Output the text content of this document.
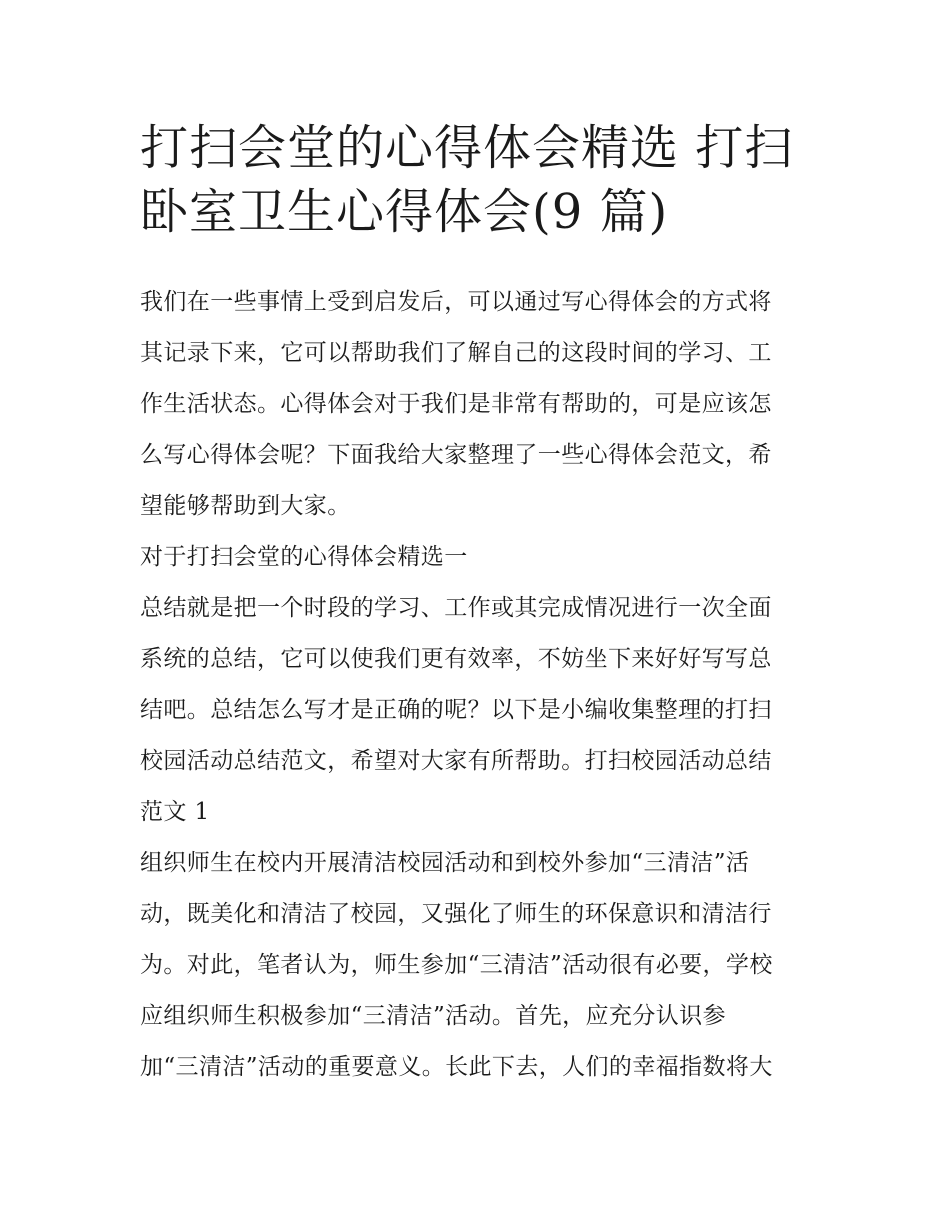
打扫会堂的心得体会精选 打扫
卧室卫生心得体会(9 篇)
我们在一些事情上受到启发后，可以通过写心得体会的方式将
其记录下来，它可以帮助我们了解自己的这段时间的学习、工
作生活状态。心得体会对于我们是非常有帮助的，可是应该怎
么写心得体会呢？下面我给大家整理了一些心得体会范文，希
望能够帮助到大家。
对于打扫会堂的心得体会精选一
总结就是把一个时段的学习、工作或其完成情况进行一次全面
系统的总结，它可以使我们更有效率，不妨坐下来好好写写总
结吧。总结怎么写才是正确的呢？以下是小编收集整理的打扫
校园活动总结范文，希望对大家有所帮助。打扫校园活动总结
范文 1
组织师生在校内开展清洁校园活动和到校外参加“三清洁”活
动，既美化和清洁了校园，又强化了师生的环保意识和清洁行
为。对此，笔者认为，师生参加“三清洁”活动很有必要，学校
应组织师生积极参加“三清洁”活动。首先，应充分认识参
加“三清洁”活动的重要意义。长此下去，人们的幸福指数将大
